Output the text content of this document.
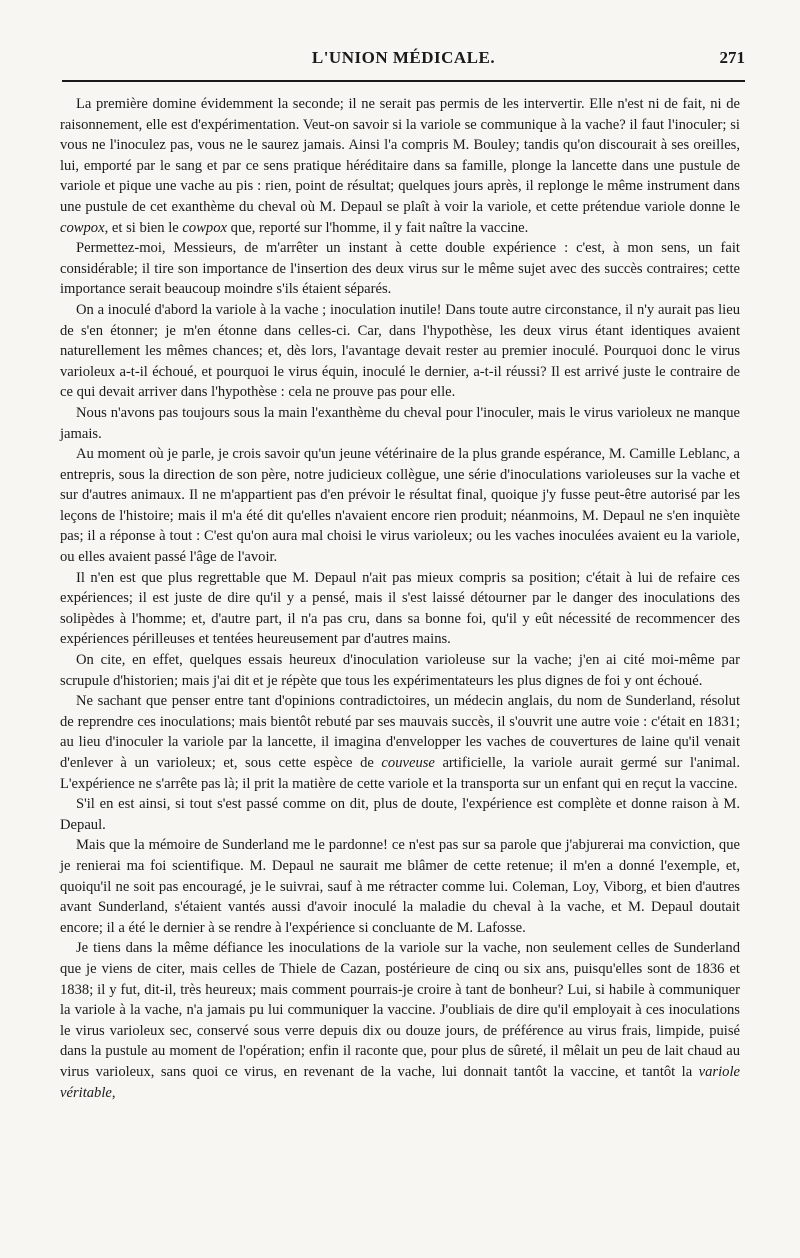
L'UNION MÉDICALE.	271

La première domine évidemment la seconde; il ne serait pas permis de les intervertir. Elle n'est ni de fait, ni de raisonnement, elle est d'expérimentation. Veut-on savoir si la variole se communique à la vache? il faut l'inoculer; si vous ne l'inoculez pas, vous ne le saurez jamais. Ainsi l'a compris M. Bouley; tandis qu'on discourait à ses oreilles, lui, emporté par le sang et par ce sens pratique héréditaire dans sa famille, plonge la lancette dans une pustule de variole et pique une vache au pis : rien, point de résultat; quelques jours après, il replonge le même instrument dans une pustule de cet exanthème du cheval où M. Depaul se plaît à voir la variole, et cette prétendue variole donne le cowpox, et si bien le cowpox que, reporté sur l'homme, il y fait naître la vaccine.

Permettez-moi, Messieurs, de m'arrêter un instant à cette double expérience : c'est, à mon sens, un fait considérable; il tire son importance de l'insertion des deux virus sur le même sujet avec des succès contraires; cette importance serait beaucoup moindre s'ils étaient séparés.

On a inoculé d'abord la variole à la vache ; inoculation inutile! Dans toute autre circonstance, il n'y aurait pas lieu de s'en étonner; je m'en étonne dans celles-ci. Car, dans l'hypothèse, les deux virus étant identiques avaient naturellement les mêmes chances; et, dès lors, l'avantage devait rester au premier inoculé. Pourquoi donc le virus varioleux a-t-il échoué, et pourquoi le virus équin, inoculé le dernier, a-t-il réussi? Il est arrivé juste le contraire de ce qui devait arriver dans l'hypothèse : cela ne prouve pas pour elle.

Nous n'avons pas toujours sous la main l'exanthème du cheval pour l'inoculer, mais le virus varioleux ne manque jamais.

Au moment où je parle, je crois savoir qu'un jeune vétérinaire de la plus grande espérance, M. Camille Leblanc, a entrepris, sous la direction de son père, notre judicieux collègue, une série d'inoculations varioleuses sur la vache et sur d'autres animaux. Il ne m'appartient pas d'en prévoir le résultat final, quoique j'y fusse peut-être autorisé par les leçons de l'histoire; mais il m'a été dit qu'elles n'avaient encore rien produit; néanmoins, M. Depaul ne s'en inquiète pas; il a réponse à tout : C'est qu'on aura mal choisi le virus varioleux; ou les vaches inoculées avaient eu la variole, ou elles avaient passé l'âge de l'avoir.

Il n'en est que plus regrettable que M. Depaul n'ait pas mieux compris sa position; c'était à lui de refaire ces expériences; il est juste de dire qu'il y a pensé, mais il s'est laissé détourner par le danger des inoculations des solipèdes à l'homme; et, d'autre part, il n'a pas cru, dans sa bonne foi, qu'il y eût nécessité de recommencer des expériences périlleuses et tentées heureusement par d'autres mains.

On cite, en effet, quelques essais heureux d'inoculation varioleuse sur la vache; j'en ai cité moi-même par scrupule d'historien; mais j'ai dit et je répète que tous les expérimentateurs les plus dignes de foi y ont échoué.

Ne sachant que penser entre tant d'opinions contradictoires, un médecin anglais, du nom de Sunderland, résolut de reprendre ces inoculations; mais bientôt rebuté par ses mauvais succès, il s'ouvrit une autre voie : c'était en 1831; au lieu d'inoculer la variole par la lancette, il imagina d'envelopper les vaches de couvertures de laine qu'il venait d'enlever à un varioleux; et, sous cette espèce de couveuse artificielle, la variole aurait germé sur l'animal. L'expérience ne s'arrête pas là; il prit la matière de cette variole et la transporta sur un enfant qui en reçut la vaccine.

S'il en est ainsi, si tout s'est passé comme on dit, plus de doute, l'expérience est complète et donne raison à M. Depaul.

Mais que la mémoire de Sunderland me le pardonne! ce n'est pas sur sa parole que j'abjurerai ma conviction, que je renierai ma foi scientifique. M. Depaul ne saurait me blâmer de cette retenue; il m'en a donné l'exemple, et, quoiqu'il ne soit pas encouragé, je le suivrai, sauf à me rétracter comme lui. Coleman, Loy, Viborg, et bien d'autres avant Sunderland, s'étaient vantés aussi d'avoir inoculé la maladie du cheval à la vache, et M. Depaul doutait encore; il a été le dernier à se rendre à l'expérience si concluante de M. Lafosse.

Je tiens dans la même défiance les inoculations de la variole sur la vache, non seulement celles de Sunderland que je viens de citer, mais celles de Thiele de Cazan, postérieure de cinq ou six ans, puisqu'elles sont de 1836 et 1838; il y fut, dit-il, très heureux; mais comment pourrais-je croire à tant de bonheur? Lui, si habile à communiquer la variole à la vache, n'a jamais pu lui communiquer la vaccine. J'oubliais de dire qu'il employait à ces inoculations le virus varioleux sec, conservé sous verre depuis dix ou douze jours, de préférence au virus frais, limpide, puisé dans la pustule au moment de l'opération; enfin il raconte que, pour plus de sûreté, il mêlait un peu de lait chaud au virus varioleux, sans quoi ce virus, en revenant de la vache, lui donnait tantôt la vaccine, et tantôt la variole véritable,
